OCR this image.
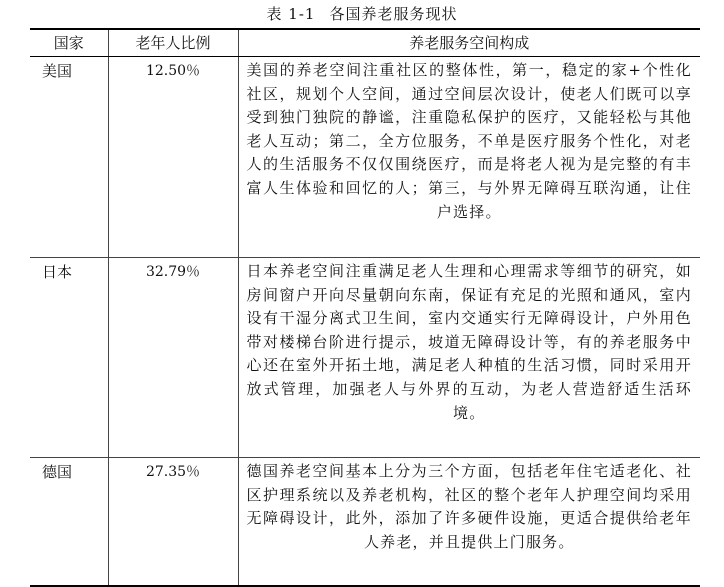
表 1-1 各国养老服务现状
国家	老年人比例	养老服务空间构成
美国	12.50％	美国的养老空间注重社区的整体性，第一，稳定的家+个性化社区，规划个人空间，通过空间层次设计，使老人们既可以享受到独门独院的静谧，注重隐私保护的医疗，又能轻松与其他老人互动；第二，全方位服务，不单是医疗服务个性化，对老人的生活服务不仅仅围绕医疗，而是将老人视为是完整的有丰富人生体验和回忆的人；第三，与外界无障碍互联沟通，让住户选择。
日本	32.79％	日本养老空间注重满足老人生理和心理需求等细节的研究，如房间窗户开向尽量朝向东南，保证有充足的光照和通风，室内设有干湿分离式卫生间，室内交通实行无障碍设计，户外用色带对楼梯台阶进行提示，坡道无障碍设计等，有的养老服务中心还在室外开拓土地，满足老人种植的生活习惯，同时采用开放式管理，加强老人与外界的互动，为老人营造舒适生活环境。
德国	27.35％	德国养老空间基本上分为三个方面，包括老年住宅适老化、社区护理系统以及养老机构，社区的整个老年人护理空间均采用无障碍设计，此外，添加了许多硬件设施，更适合提供给老年人养老，并且提供上门服务。
